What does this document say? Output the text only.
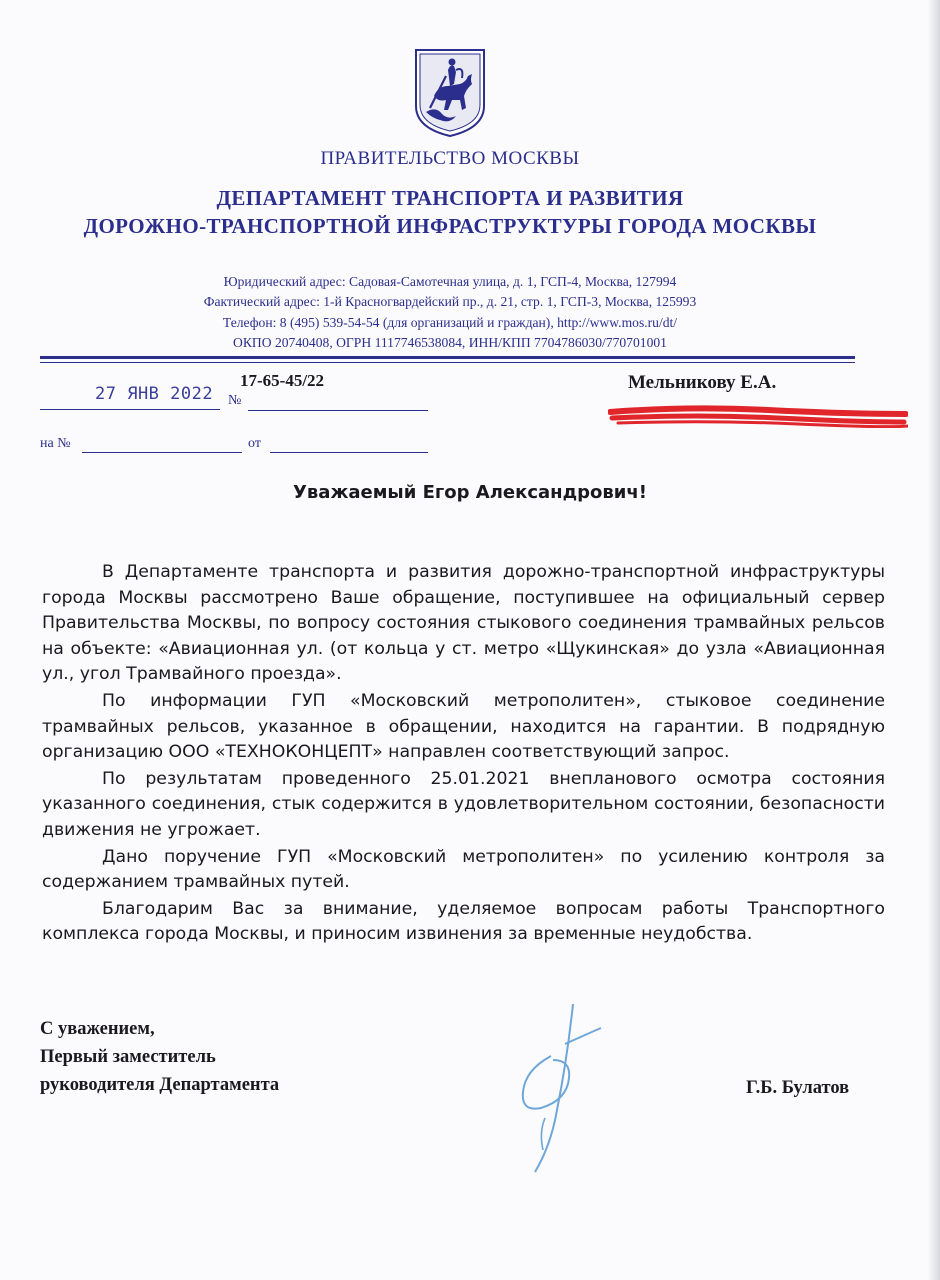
ПРАВИТЕЛЬСТВО МОСКВЫ
ДЕПАРТАМЕНТ ТРАНСПОРТА И РАЗВИТИЯ
ДОРОЖНО-ТРАНСПОРТНОЙ ИНФРАСТРУКТУРЫ ГОРОДА МОСКВЫ
Юридический адрес: Садовая-Самотечная улица, д. 1, ГСП-4, Москва, 127994
Фактический адрес: 1-й Красногвардейский пр., д. 21, стр. 1, ГСП-3, Москва, 125993
Телефон: 8 (495) 539-54-54 (для организаций и граждан), http://www.mos.ru/dt/
ОКПО 20740408, ОГРН 1117746538084, ИНН/КПП 7704786030/770701001
27 ЯНВ 2022 №
17-65-45/22
на №	от
Мельникову Е.А.
Уважаемый Егор Александрович!

В Департаменте транспорта и развития дорожно-транспортной инфраструктуры города Москвы рассмотрено Ваше обращение, поступившее на официальный сервер Правительства Москвы, по вопросу состояния стыкового соединения трамвайных рельсов на объекте: «Авиационная ул. (от кольца у ст. метро «Щукинская» до узла «Авиационная ул., угол Трамвайного проезда».

По информации ГУП «Московский метрополитен», стыковое соединение трамвайных рельсов, указанное в обращении, находится на гарантии. В подрядную организацию ООО «ТЕХНОКОНЦЕПТ» направлен соответствующий запрос.

По результатам проведенного 25.01.2021 внепланового осмотра состояния указанного соединения, стык содержится в удовлетворительном состоянии, безопасности движения не угрожает.

Дано поручение ГУП «Московский метрополитен» по усилению контроля за содержанием трамвайных путей.

Благодарим Вас за внимание, уделяемое вопросам работы Транспортного комплекса города Москвы, и приносим извинения за временные неудобства.

С уважением,
Первый заместитель
руководителя Департамента	Г.Б. Булатов
